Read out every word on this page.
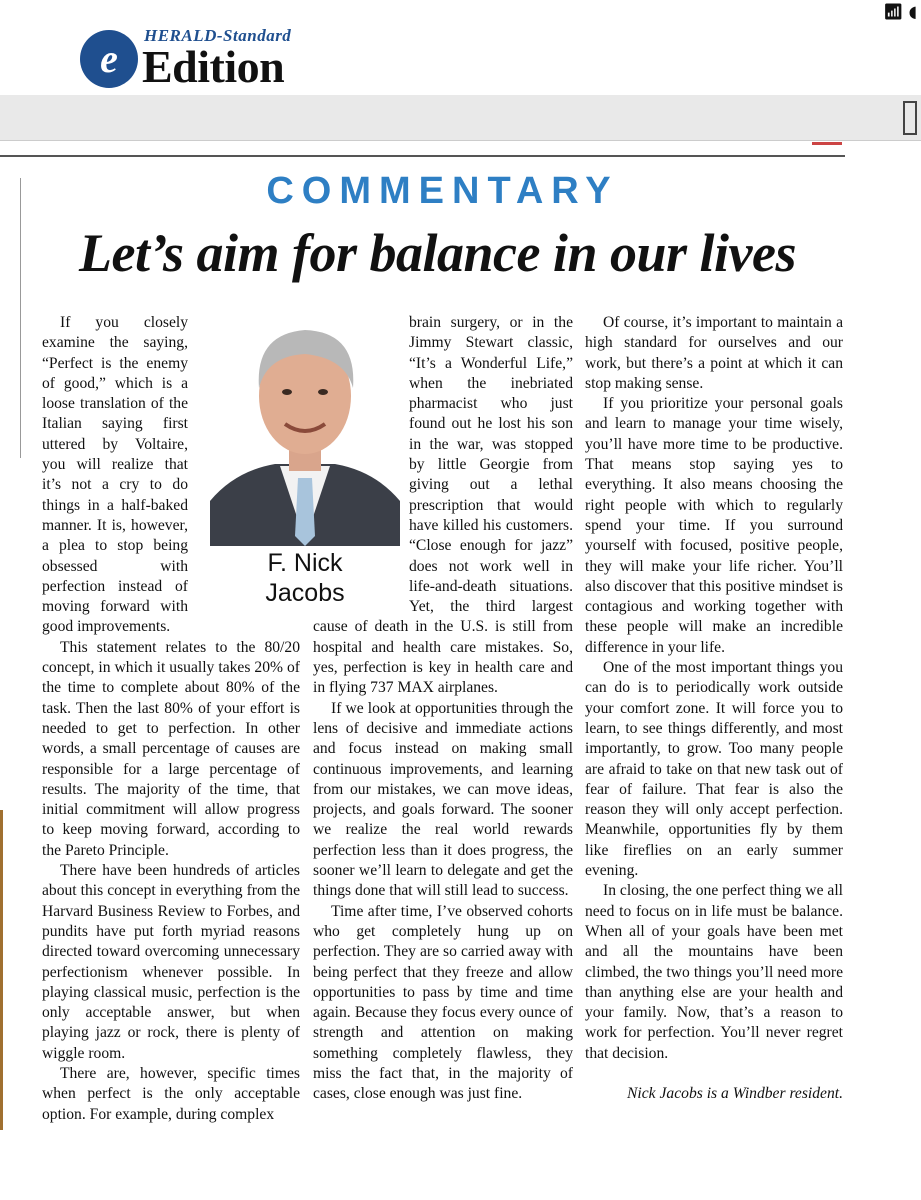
e
HERALD-Standard
Edition
📶︎ ◖
COMMENTARY
Let’s aim for balance in our lives

If you closely examine the saying, “Perfect is the enemy of good,” which is a loose translation of the Italian saying first uttered by Voltaire, you will realize that it’s not a cry to do things in a half-baked manner. It is, however, a plea to stop being obsessed with perfection instead of moving forward with good improvements.

This statement relates to the 80/20 concept, in which it usually takes 20% of the time to complete about 80% of the task. Then the last 80% of your effort is needed to get to perfection. In other words, a small percentage of causes are responsible for a large percentage of results. The majority of the time, that initial commitment will allow progress to keep moving forward, according to the Pareto Principle.

There have been hundreds of articles about this concept in everything from the Harvard Business Review to Forbes, and pundits have put forth myriad reasons directed toward overcoming unnecessary perfectionism whenever possible. In playing classical music, perfection is the only acceptable answer, but when playing jazz or rock, there is plenty of wiggle room.

There are, however, specific times when perfect is the only acceptable option. For example, during complex

brain surgery, or in the Jimmy Stewart classic, “It’s a Wonderful Life,” when the inebriated pharmacist who just found out he lost his son in the war, was stopped by little Georgie from giving out a lethal prescription that would have killed his customers. “Close enough for jazz” does not work well in life-and-death situations. Yet, the third largest cause of death in the U.S. is still from hospital and health care mistakes. So, yes, perfection is key in health care and in flying 737 MAX airplanes.

If we look at opportunities through the lens of decisive and immediate actions and focus instead on making small continuous improvements, and learning from our mistakes, we can move ideas, projects, and goals forward. The sooner we realize the real world rewards perfection less than it does progress, the sooner we’ll learn to delegate and get the things done that will still lead to success.

Time after time, I’ve observed cohorts who get completely hung up on perfection. They are so carried away with being perfect that they freeze and allow opportunities to pass by time and time again. Because they focus every ounce of strength and attention on making something completely flawless, they miss the fact that, in the majority of cases, close enough was just fine.

Of course, it’s important to maintain a high standard for ourselves and our work, but there’s a point at which it can stop making sense.

If you prioritize your personal goals and learn to manage your time wisely, you’ll have more time to be productive. That means stop saying yes to everything. It also means choosing the right people with which to regularly spend your time. If you surround yourself with focused, positive people, they will make your life richer. You’ll also discover that this positive mindset is contagious and working together with these people will make an incredible difference in your life.

One of the most important things you can do is to periodically work outside your comfort zone. It will force you to learn, to see things differently, and most importantly, to grow. Too many people are afraid to take on that new task out of fear of failure. That fear is also the reason they will only accept perfection. Meanwhile, opportunities fly by them like fireflies on an early summer evening.

In closing, the one perfect thing we all need to focus on in life must be balance. When all of your goals have been met and all the mountains have been climbed, the two things you’ll need more than anything else are your health and your family. Now, that’s a reason to work for perfection. You’ll never regret that decision.

Nick Jacobs is a Windber resident.

F. Nick
Jacobs
